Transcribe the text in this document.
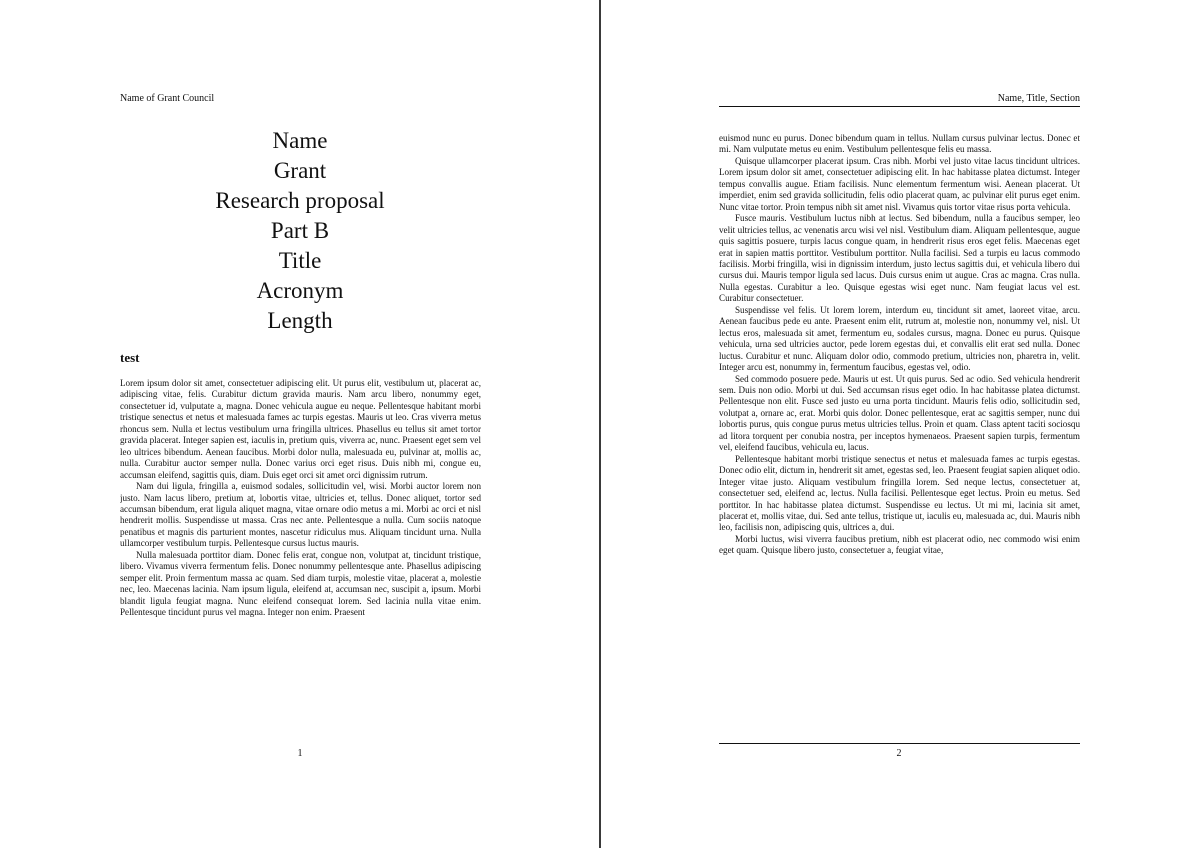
Name of Grant Council
Name
Grant
Research proposal
Part B
Title
Acronym
Length
test

Lorem ipsum dolor sit amet, consectetuer adipiscing elit. Ut purus elit, vestibulum ut, placerat ac, adipiscing vitae, felis. Curabitur dictum gravida mauris. Nam arcu libero, nonummy eget, consectetuer id, vulputate a, magna. Donec vehicula augue eu neque. Pellentesque habitant morbi tristique senectus et netus et malesuada fames ac turpis egestas. Mauris ut leo. Cras viverra metus rhoncus sem. Nulla et lectus vestibulum urna fringilla ultrices. Phasellus eu tellus sit amet tortor gravida placerat. Integer sapien est, iaculis in, pretium quis, viverra ac, nunc. Praesent eget sem vel leo ultrices bibendum. Aenean faucibus. Morbi dolor nulla, malesuada eu, pulvinar at, mollis ac, nulla. Curabitur auctor semper nulla. Donec varius orci eget risus. Duis nibh mi, congue eu, accumsan eleifend, sagittis quis, diam. Duis eget orci sit amet orci dignissim rutrum.

Nam dui ligula, fringilla a, euismod sodales, sollicitudin vel, wisi. Morbi auctor lorem non justo. Nam lacus libero, pretium at, lobortis vitae, ultricies et, tellus. Donec aliquet, tortor sed accumsan bibendum, erat ligula aliquet magna, vitae ornare odio metus a mi. Morbi ac orci et nisl hendrerit mollis. Suspendisse ut massa. Cras nec ante. Pellentesque a nulla. Cum sociis natoque penatibus et magnis dis parturient montes, nascetur ridiculus mus. Aliquam tincidunt urna. Nulla ullamcorper vestibulum turpis. Pellentesque cursus luctus mauris.

Nulla malesuada porttitor diam. Donec felis erat, congue non, volutpat at, tincidunt tristique, libero. Vivamus viverra fermentum felis. Donec nonummy pellentesque ante. Phasellus adipiscing semper elit. Proin fermentum massa ac quam. Sed diam turpis, molestie vitae, placerat a, molestie nec, leo. Maecenas lacinia. Nam ipsum ligula, eleifend at, accumsan nec, suscipit a, ipsum. Morbi blandit ligula feugiat magna. Nunc eleifend consequat lorem. Sed lacinia nulla vitae enim. Pellentesque tincidunt purus vel magna. Integer non enim. Praesent

1
Name, Title, Section

euismod nunc eu purus. Donec bibendum quam in tellus. Nullam cursus pulvinar lectus. Donec et mi. Nam vulputate metus eu enim. Vestibulum pellentesque felis eu massa.

Quisque ullamcorper placerat ipsum. Cras nibh. Morbi vel justo vitae lacus tincidunt ultrices. Lorem ipsum dolor sit amet, consectetuer adipiscing elit. In hac habitasse platea dictumst. Integer tempus convallis augue. Etiam facilisis. Nunc elementum fermentum wisi. Aenean placerat. Ut imperdiet, enim sed gravida sollicitudin, felis odio placerat quam, ac pulvinar elit purus eget enim. Nunc vitae tortor. Proin tempus nibh sit amet nisl. Vivamus quis tortor vitae risus porta vehicula.

Fusce mauris. Vestibulum luctus nibh at lectus. Sed bibendum, nulla a faucibus semper, leo velit ultricies tellus, ac venenatis arcu wisi vel nisl. Vestibulum diam. Aliquam pellentesque, augue quis sagittis posuere, turpis lacus congue quam, in hendrerit risus eros eget felis. Maecenas eget erat in sapien mattis porttitor. Vestibulum porttitor. Nulla facilisi. Sed a turpis eu lacus commodo facilisis. Morbi fringilla, wisi in dignissim interdum, justo lectus sagittis dui, et vehicula libero dui cursus dui. Mauris tempor ligula sed lacus. Duis cursus enim ut augue. Cras ac magna. Cras nulla. Nulla egestas. Curabitur a leo. Quisque egestas wisi eget nunc. Nam feugiat lacus vel est. Curabitur consectetuer.

Suspendisse vel felis. Ut lorem lorem, interdum eu, tincidunt sit amet, laoreet vitae, arcu. Aenean faucibus pede eu ante. Praesent enim elit, rutrum at, molestie non, nonummy vel, nisl. Ut lectus eros, malesuada sit amet, fermentum eu, sodales cursus, magna. Donec eu purus. Quisque vehicula, urna sed ultricies auctor, pede lorem egestas dui, et convallis elit erat sed nulla. Donec luctus. Curabitur et nunc. Aliquam dolor odio, commodo pretium, ultricies non, pharetra in, velit. Integer arcu est, nonummy in, fermentum faucibus, egestas vel, odio.

Sed commodo posuere pede. Mauris ut est. Ut quis purus. Sed ac odio. Sed vehicula hendrerit sem. Duis non odio. Morbi ut dui. Sed accumsan risus eget odio. In hac habitasse platea dictumst. Pellentesque non elit. Fusce sed justo eu urna porta tincidunt. Mauris felis odio, sollicitudin sed, volutpat a, ornare ac, erat. Morbi quis dolor. Donec pellentesque, erat ac sagittis semper, nunc dui lobortis purus, quis congue purus metus ultricies tellus. Proin et quam. Class aptent taciti sociosqu ad litora torquent per conubia nostra, per inceptos hymenaeos. Praesent sapien turpis, fermentum vel, eleifend faucibus, vehicula eu, lacus.

Pellentesque habitant morbi tristique senectus et netus et malesuada fames ac turpis egestas. Donec odio elit, dictum in, hendrerit sit amet, egestas sed, leo. Praesent feugiat sapien aliquet odio. Integer vitae justo. Aliquam vestibulum fringilla lorem. Sed neque lectus, consectetuer at, consectetuer sed, eleifend ac, lectus. Nulla facilisi. Pellentesque eget lectus. Proin eu metus. Sed porttitor. In hac habitasse platea dictumst. Suspendisse eu lectus. Ut mi mi, lacinia sit amet, placerat et, mollis vitae, dui. Sed ante tellus, tristique ut, iaculis eu, malesuada ac, dui. Mauris nibh leo, facilisis non, adipiscing quis, ultrices a, dui.

Morbi luctus, wisi viverra faucibus pretium, nibh est placerat odio, nec commodo wisi enim eget quam. Quisque libero justo, consectetuer a, feugiat vitae,

2
